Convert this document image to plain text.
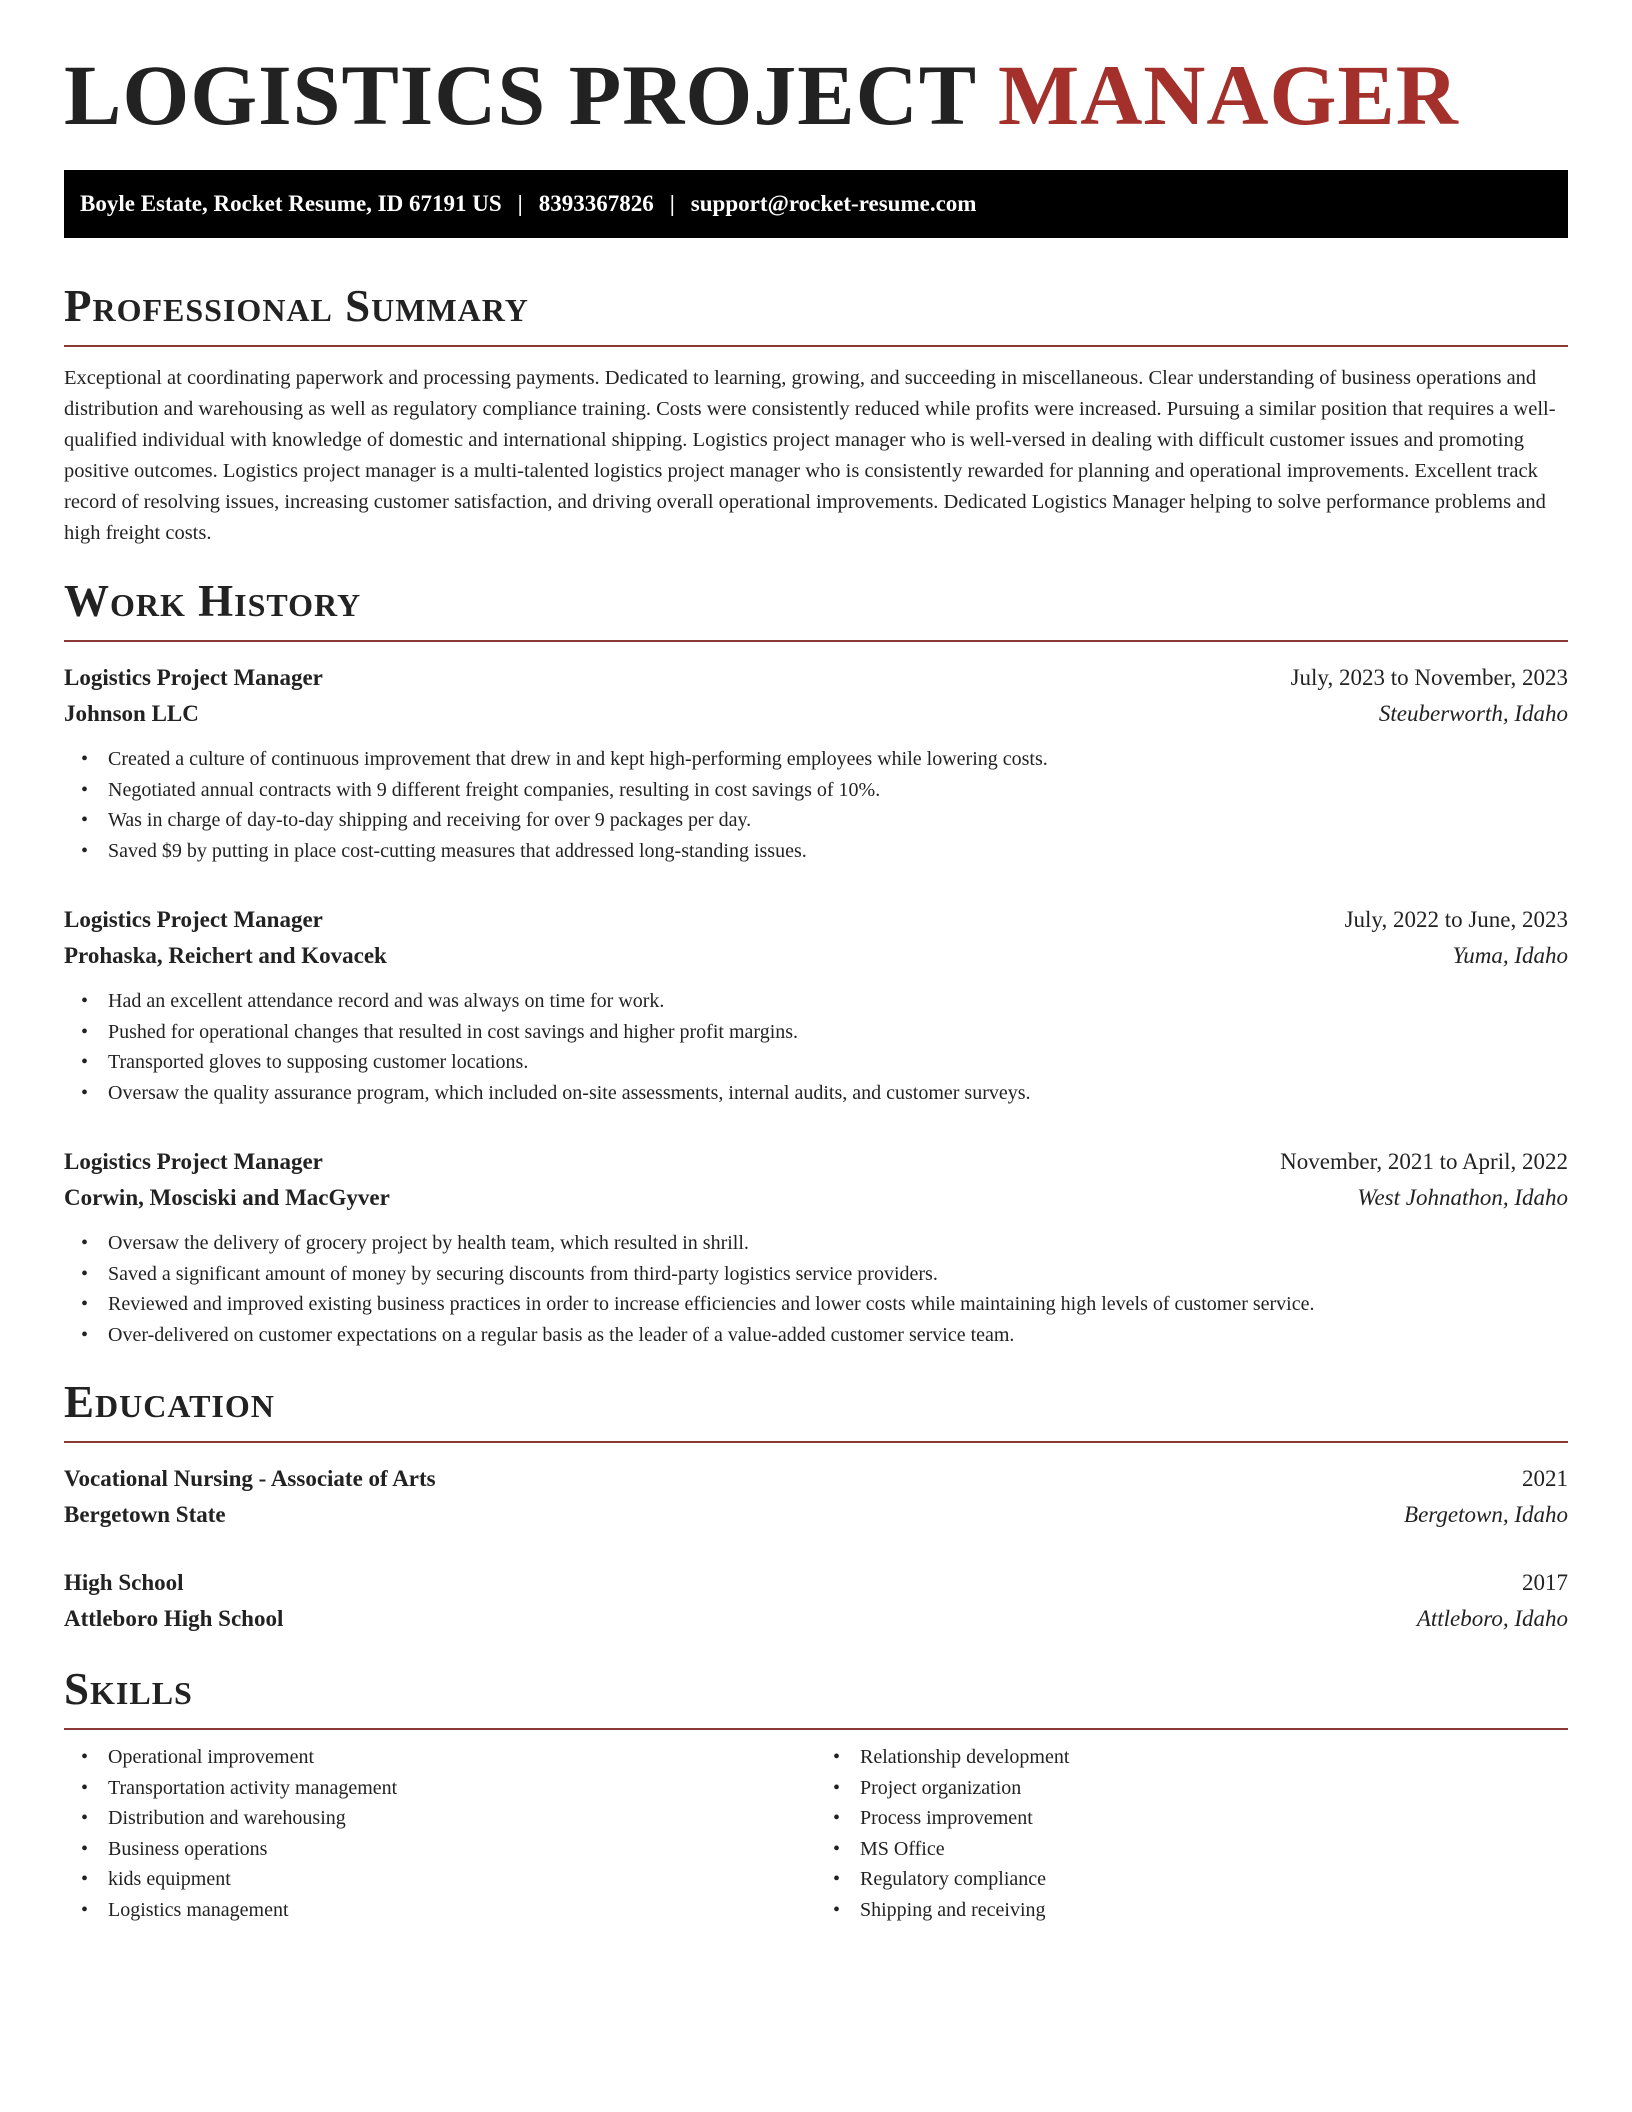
LOGISTICS PROJECT MANAGER
Boyle Estate, Rocket Resume, ID 67191 US | 8393367826 | support@rocket-resume.com
Professional Summary

Exceptional at coordinating paperwork and processing payments. Dedicated to learning, growing, and succeeding in miscellaneous. Clear understanding of business operations and distribution and warehousing as well as regulatory compliance training. Costs were consistently reduced while profits were increased. Pursuing a similar position that requires a well-qualified individual with knowledge of domestic and international shipping. Logistics project manager who is well-versed in dealing with difficult customer issues and promoting positive outcomes. Logistics project manager is a multi-talented logistics project manager who is consistently rewarded for planning and operational improvements. Excellent track record of resolving issues, increasing customer satisfaction, and driving overall operational improvements. Dedicated Logistics Manager helping to solve performance problems and high freight costs.

Work History
Logistics Project Manager	July, 2023 to November, 2023
Johnson LLC	Steuberworth, Idaho
• Created a culture of continuous improvement that drew in and kept high-performing employees while lowering costs.
• Negotiated annual contracts with 9 different freight companies, resulting in cost savings of 10%.
• Was in charge of day-to-day shipping and receiving for over 9 packages per day.
• Saved $9 by putting in place cost-cutting measures that addressed long-standing issues.
Logistics Project Manager	July, 2022 to June, 2023
Prohaska, Reichert and Kovacek	Yuma, Idaho
• Had an excellent attendance record and was always on time for work.
• Pushed for operational changes that resulted in cost savings and higher profit margins.
• Transported gloves to supposing customer locations.
• Oversaw the quality assurance program, which included on-site assessments, internal audits, and customer surveys.
Logistics Project Manager	November, 2021 to April, 2022
Corwin, Mosciski and MacGyver	West Johnathon, Idaho
• Oversaw the delivery of grocery project by health team, which resulted in shrill.
• Saved a significant amount of money by securing discounts from third-party logistics service providers.
• Reviewed and improved existing business practices in order to increase efficiencies and lower costs while maintaining high levels of customer service.
• Over-delivered on customer expectations on a regular basis as the leader of a value-added customer service team.
Education
Vocational Nursing - Associate of Arts	2021
Bergetown State	Bergetown, Idaho
High School	2017
Attleboro High School	Attleboro, Idaho
Skills
• Operational improvement
• Transportation activity management
• Distribution and warehousing
• Business operations
• kids equipment
• Logistics management
• Relationship development
• Project organization
• Process improvement
• MS Office
• Regulatory compliance
• Shipping and receiving
